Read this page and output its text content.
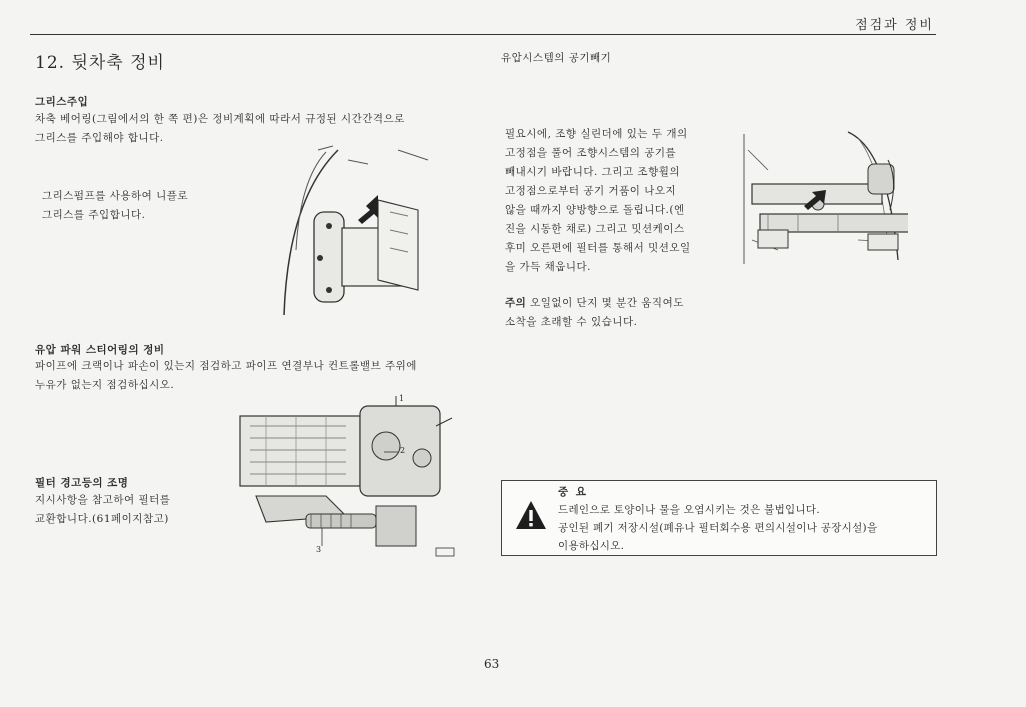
점검과 정비
12. 뒷차축 정비
그리스주입
차축 베어링(그림에서의 한 쪽 편)은 정비계획에 따라서 규정된 시간간격으로
그리스를 주입해야 합니다.
그리스펌프를 사용하여 니플로
그리스를 주입합니다.
유압 파워 스티어링의 정비
파이프에 크랙이나 파손이 있는지 점검하고 파이프 연결부나 컨트롤밸브 주위에
누유가 없는지 점검하십시오.
필터 경고등의 조명
지시사항을 참고하여 필터를
교환합니다.(61페이지참고)
1
2
3
유압시스템의 공기빼기
필요시에, 조향 실린더에 있는 두 개의
고정점을 풀어 조향시스템의 공기를
빼내시기 바랍니다. 그리고 조향휠의
고정점으로부터 공기 거품이 나오지
않을 때까지 양방향으로 돌립니다.(엔
진을 시동한 채로) 그리고 밋션케이스
후미 오른편에 필터를 통해서 밋션오일
을 가득 채웁니다.
주의 오일없이 단지 몇 분간 움직여도
소착을 초래할 수 있습니다.
중 요
드레인으로 토양이나 물을 오염시키는 것은 불법입니다.
공인된 폐기 저장시설(폐유나 필터회수용 편의시설이나 공장시설)을
이용하십시오.
63
